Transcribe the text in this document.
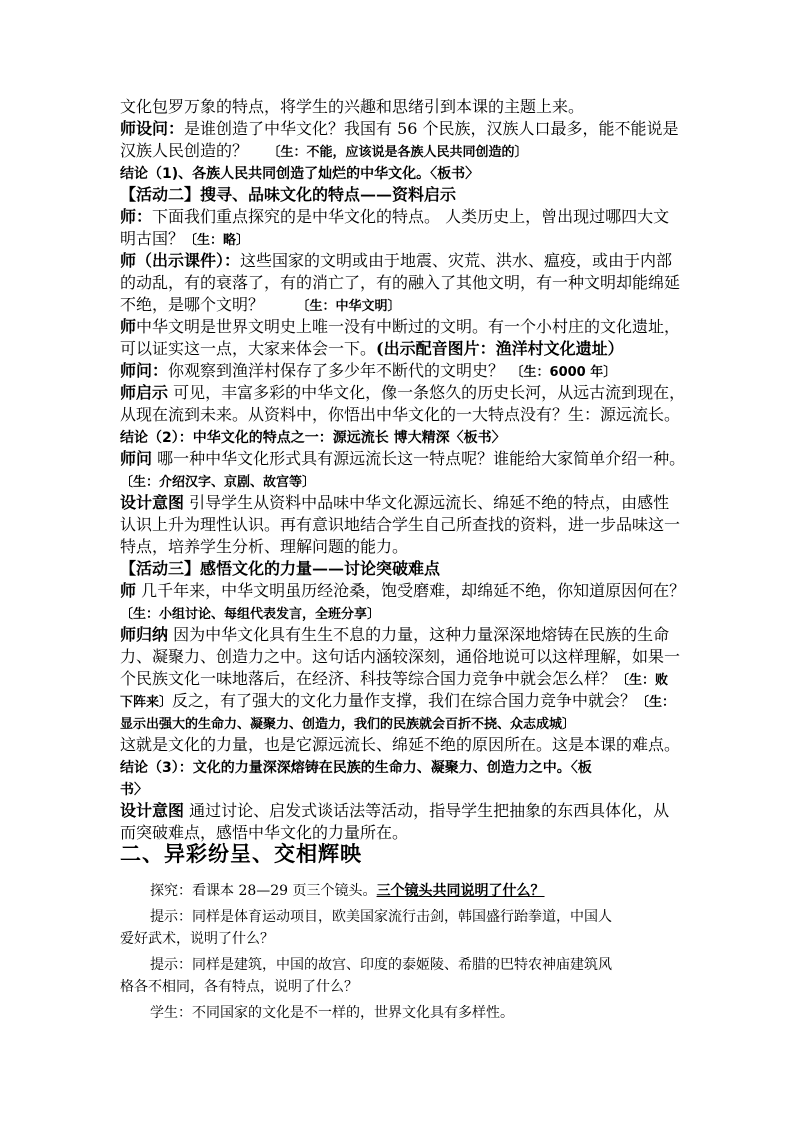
二、异彩纷呈、交相辉映
文化包罗万象的特点，将学生的兴趣和思绪引到本课的主题上来。
师设问：是谁创造了中华文化？我国有 56 个民族，汉族人口最多，能不能说是
汉族人民创造的？　　〔生：不能，应该说是各族人民共同创造的〕
结论（1)、各族人民共同创造了灿烂的中华文化。〈板书〉
【活动二】搜寻、品味文化的特点——资料启示
师：下面我们重点探究的是中华文化的特点。 人类历史上，曾出现过哪四大文
明古国？〔生：略〕
师（出示课件）：这些国家的文明或由于地震、灾荒、洪水、瘟疫，或由于内部
的动乱，有的衰落了，有的消亡了，有的融入了其他文明，有一种文明却能绵延
不绝，是哪个文明？　　　〔生：中华文明〕
师中华文明是世界文明史上唯一没有中断过的文明。有一个小村庄的文化遗址，
可以证实这一点，大家来体会一下。(出示配音图片：渔洋村文化遗址）
师问：你观察到渔洋村保存了多少年不断代的文明史？　〔生：6000 年〕
师启示 可见，丰富多彩的中华文化，像一条悠久的历史长河，从远古流到现在，
从现在流到未来。从资料中，你悟出中华文化的一大特点没有？生：源远流长。
结论（2）：中华文化的特点之一：源远流长 博大精深〈板书〉
师问 哪一种中华文化形式具有源远流长这一特点呢？谁能给大家简单介绍一种。
〔生：介绍汉字、京剧、故宫等〕
设计意图 引导学生从资料中品味中华文化源远流长、绵延不绝的特点，由感性
认识上升为理性认识。再有意识地结合学生自己所查找的资料，进一步品味这一
特点，培养学生分析、理解问题的能力。
【活动三】感悟文化的力量——讨论突破难点
师 几千年来，中华文明虽历经沧桑，饱受磨难，却绵延不绝，你知道原因何在？
〔生：小组讨论、每组代表发言，全班分享〕
师归纳 因为中华文化具有生生不息的力量，这种力量深深地熔铸在民族的生命
力、凝聚力、创造力之中。这句话内涵较深刻，通俗地说可以这样理解，如果一
个民族文化一味地落后，在经济、科技等综合国力竞争中就会怎么样？〔生：败
下阵来〕反之，有了强大的文化力量作支撑，我们在综合国力竞争中就会？〔生：
显示出强大的生命力、凝聚力、创造力，我们的民族就会百折不挠、众志成城〕
这就是文化的力量，也是它源远流长、绵延不绝的原因所在。这是本课的难点。
结论（3）：文化的力量深深熔铸在民族的生命力、凝聚力、创造力之中。〈板
书〉
设计意图 通过讨论、启发式谈话法等活动，指导学生把抽象的东西具体化，从
而突破难点，感悟中华文化的力量所在。
探究：看课本 28—29 页三个镜头。三个镜头共同说明了什么？
提示：同样是体育运动项目，欧美国家流行击剑，韩国盛行跆拳道，中国人
爱好武术，说明了什么？
提示：同样是建筑，中国的故宫、印度的泰姬陵、希腊的巴特农神庙建筑风
格各不相同，各有特点，说明了什么？
学生：不同国家的文化是不一样的，世界文化具有多样性。
